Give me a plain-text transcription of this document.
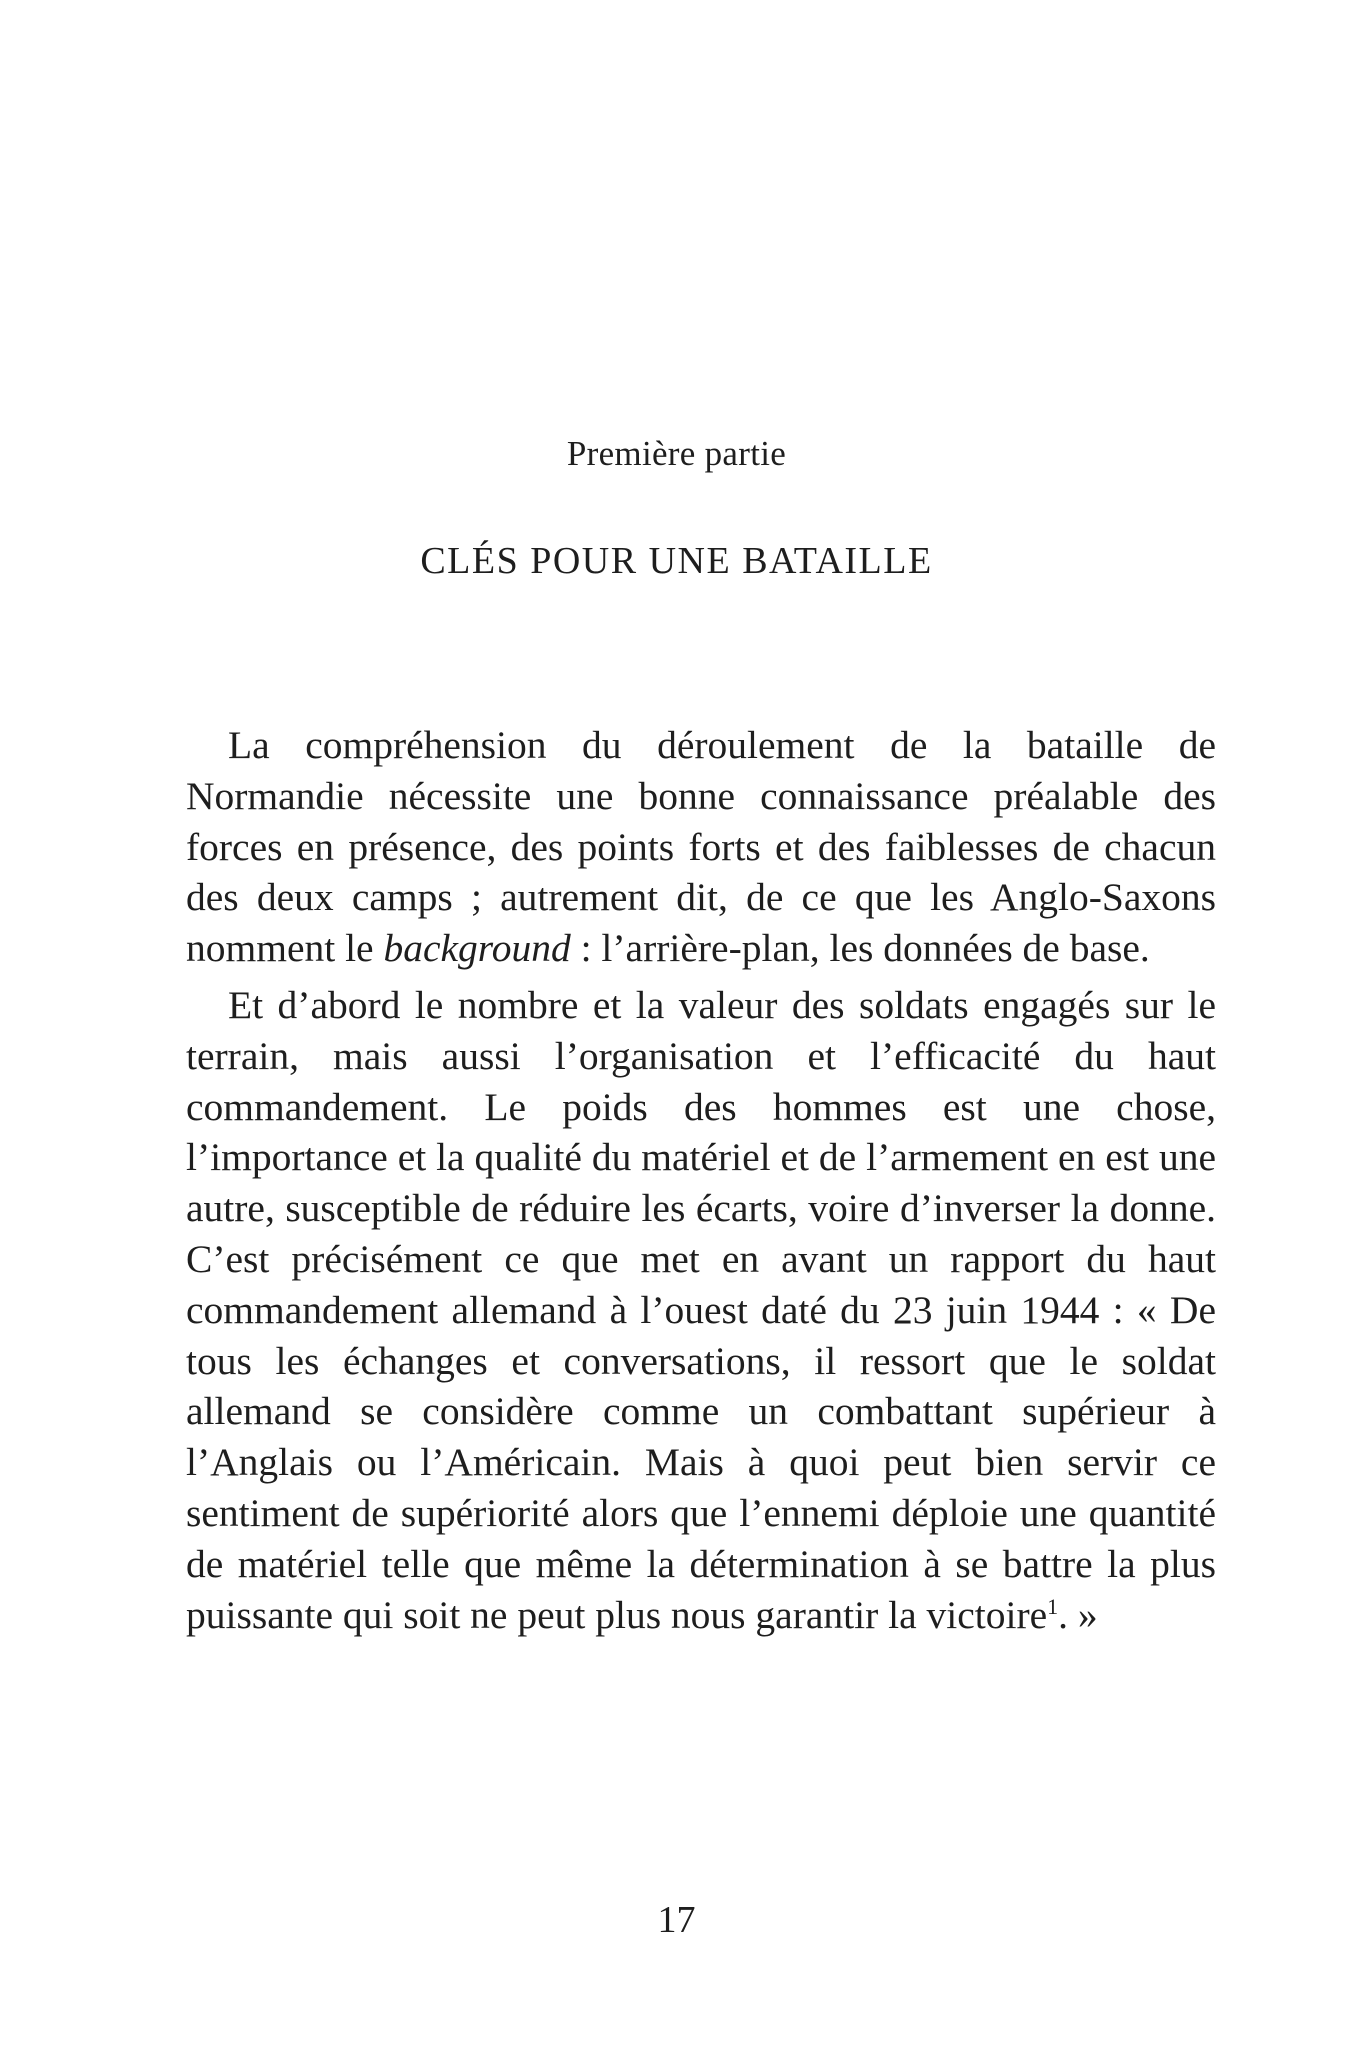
Première partie
CLÉS POUR UNE BATAILLE

La compréhension du déroulement de la bataille de Normandie nécessite une bonne connaissance préalable des forces en présence, des points forts et des faiblesses de chacun des deux camps ; autrement dit, de ce que les Anglo-Saxons nomment le background : l’arrière-plan, les données de base.

Et d’abord le nombre et la valeur des soldats engagés sur le terrain, mais aussi l’organisation et l’efficacité du haut commandement. Le poids des hommes est une chose, l’importance et la qualité du matériel et de l’armement en est une autre, susceptible de réduire les écarts, voire d’inverser la donne. C’est précisément ce que met en avant un rapport du haut commandement allemand à l’ouest daté du 23 juin 1944 : « De tous les échanges et conversations, il ressort que le soldat allemand se considère comme un combattant supérieur à l’Anglais ou l’Américain. Mais à quoi peut bien servir ce sentiment de supériorité alors que l’ennemi déploie une quantité de matériel telle que même la détermination à se battre la plus puissante qui soit ne peut plus nous garantir la victoire$^1$. »

17
